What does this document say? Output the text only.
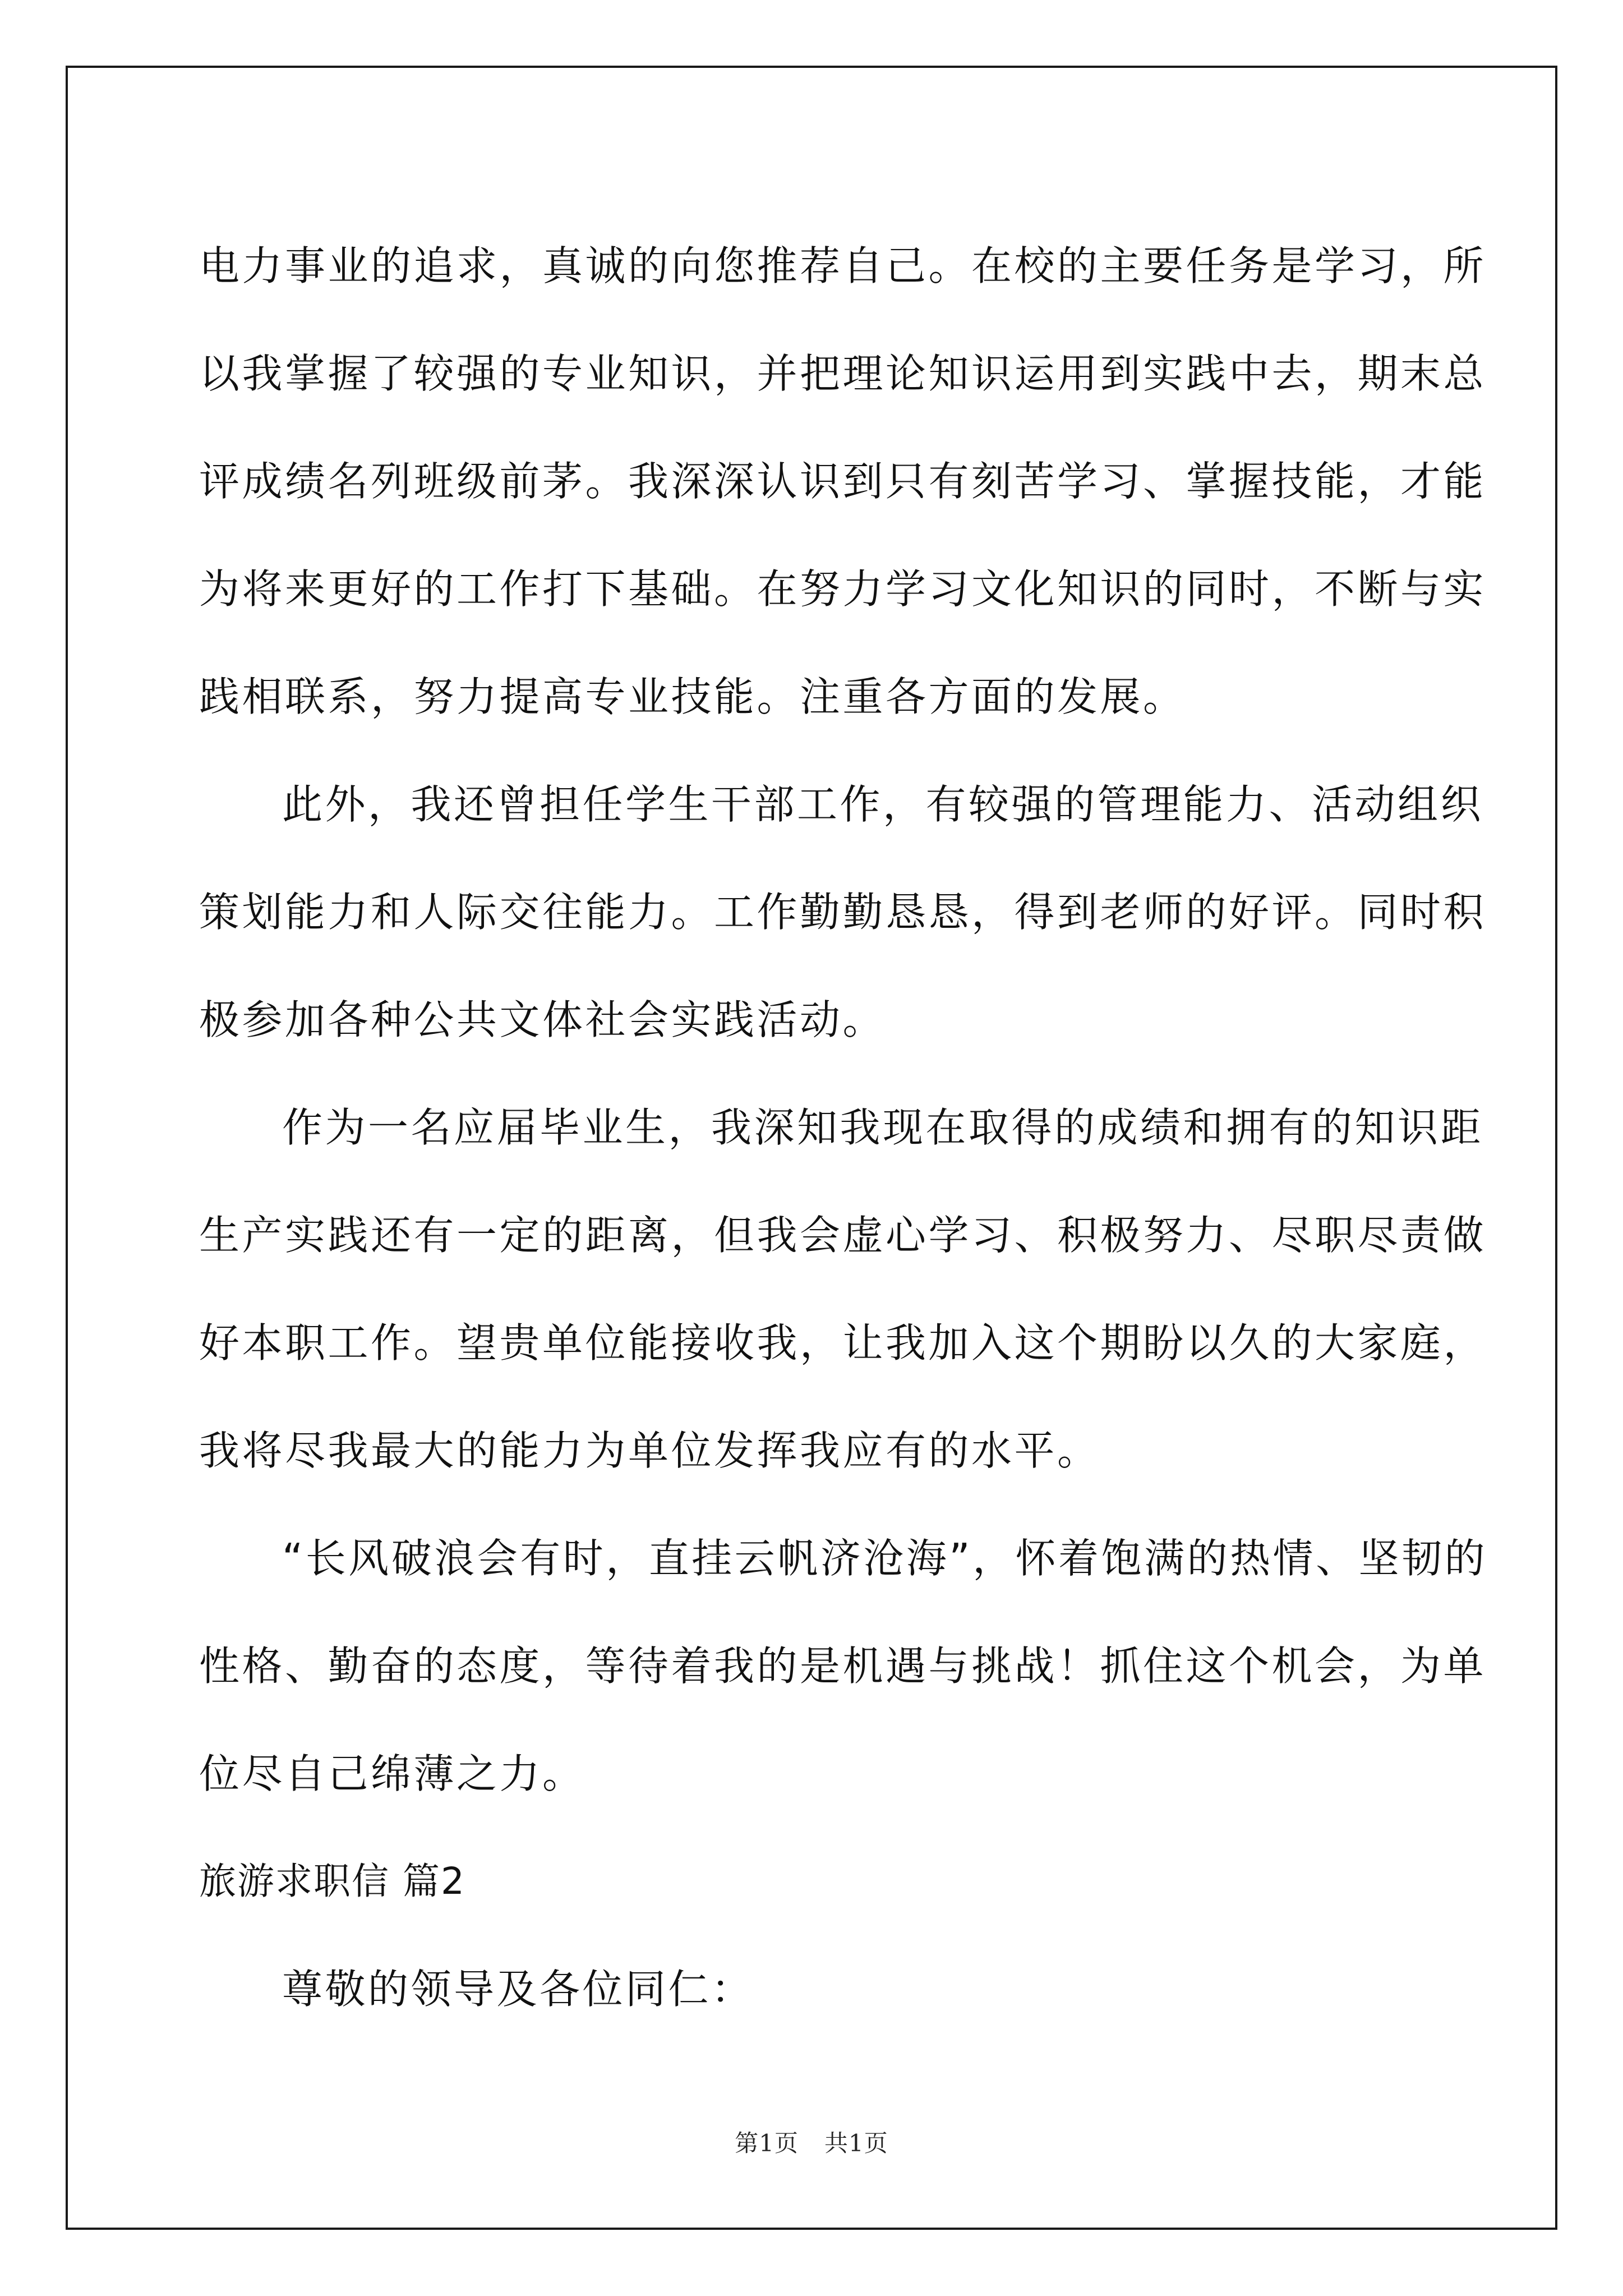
电力事业的追求，真诚的向您推荐自己。在校的主要任务是学习，所
以我掌握了较强的专业知识，并把理论知识运用到实践中去，期末总
评成绩名列班级前茅。我深深认识到只有刻苦学习、掌握技能，才能
为将来更好的工作打下基础。在努力学习文化知识的同时，不断与实
践相联系，努力提高专业技能。注重各方面的发展。
此外，我还曾担任学生干部工作，有较强的管理能力、活动组织
策划能力和人际交往能力。工作勤勤恳恳，得到老师的好评。同时积
极参加各种公共文体社会实践活动。
作为一名应届毕业生，我深知我现在取得的成绩和拥有的知识距
生产实践还有一定的距离，但我会虚心学习、积极努力、尽职尽责做
好本职工作。望贵单位能接收我，让我加入这个期盼以久的大家庭，
我将尽我最大的能力为单位发挥我应有的水平。
“长风破浪会有时，直挂云帆济沧海”，怀着饱满的热情、坚韧的
性格、勤奋的态度，等待着我的是机遇与挑战！抓住这个机会，为单
位尽自己绵薄之力。
旅游求职信 篇2
尊敬的领导及各位同仁：
第1页 共1页
